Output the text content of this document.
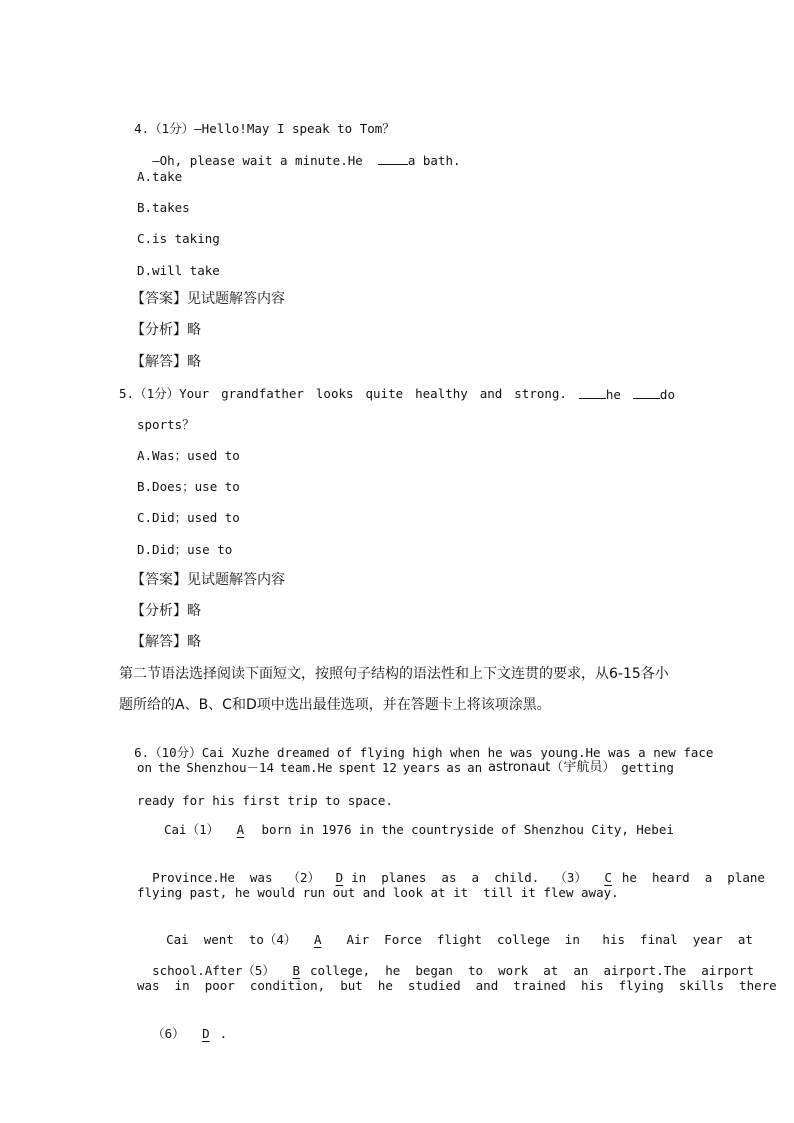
4.（1分）—Hello!May I speak to Tom？

—Oh, please wait a minute.He	a bath.

A.take
B.takes
C.is taking
D.will take
【答案】见试题解答内容
【分析】略
【解答】略
5.（1分）Your grandfather looks quite healthy and strong.	he	do
sports？
A.Was；used to
B.Does；use to
C.Did；used to
D.Did；use to
【答案】见试题解答内容
【分析】略
【解答】略
第二节语法选择阅读下面短文，按照句子结构的语法性和上下文连贯的要求，从6-15各小
题所给的A、B、C和D项中选出最佳选项，并在答题卡上将该项涂黑。

6.（10分）Cai Xuzhe dreamed of flying high when he was young.He was a new face

on the Shenzhou－14 team.He spent 12 years as an astronaut（宇航员） getting
ready for his first trip to space.
Cai（1） A	born in 1976 in the countryside of Shenzhou City, Hebei

Province.He  was  （2） D in  planes  as  a  child.  （3） C he  heard  a  plane

flying past, he would run out and look at it  till it flew away.

Cai  went  to（4） A Air  Force  flight  college  in   his  final  year  at

school.After（5） B college,  he  began  to  work  at  an  airport.The  airport

was  in  poor  condition,  but  he  studied  and  trained  his  flying  skills  there

（6） D .
